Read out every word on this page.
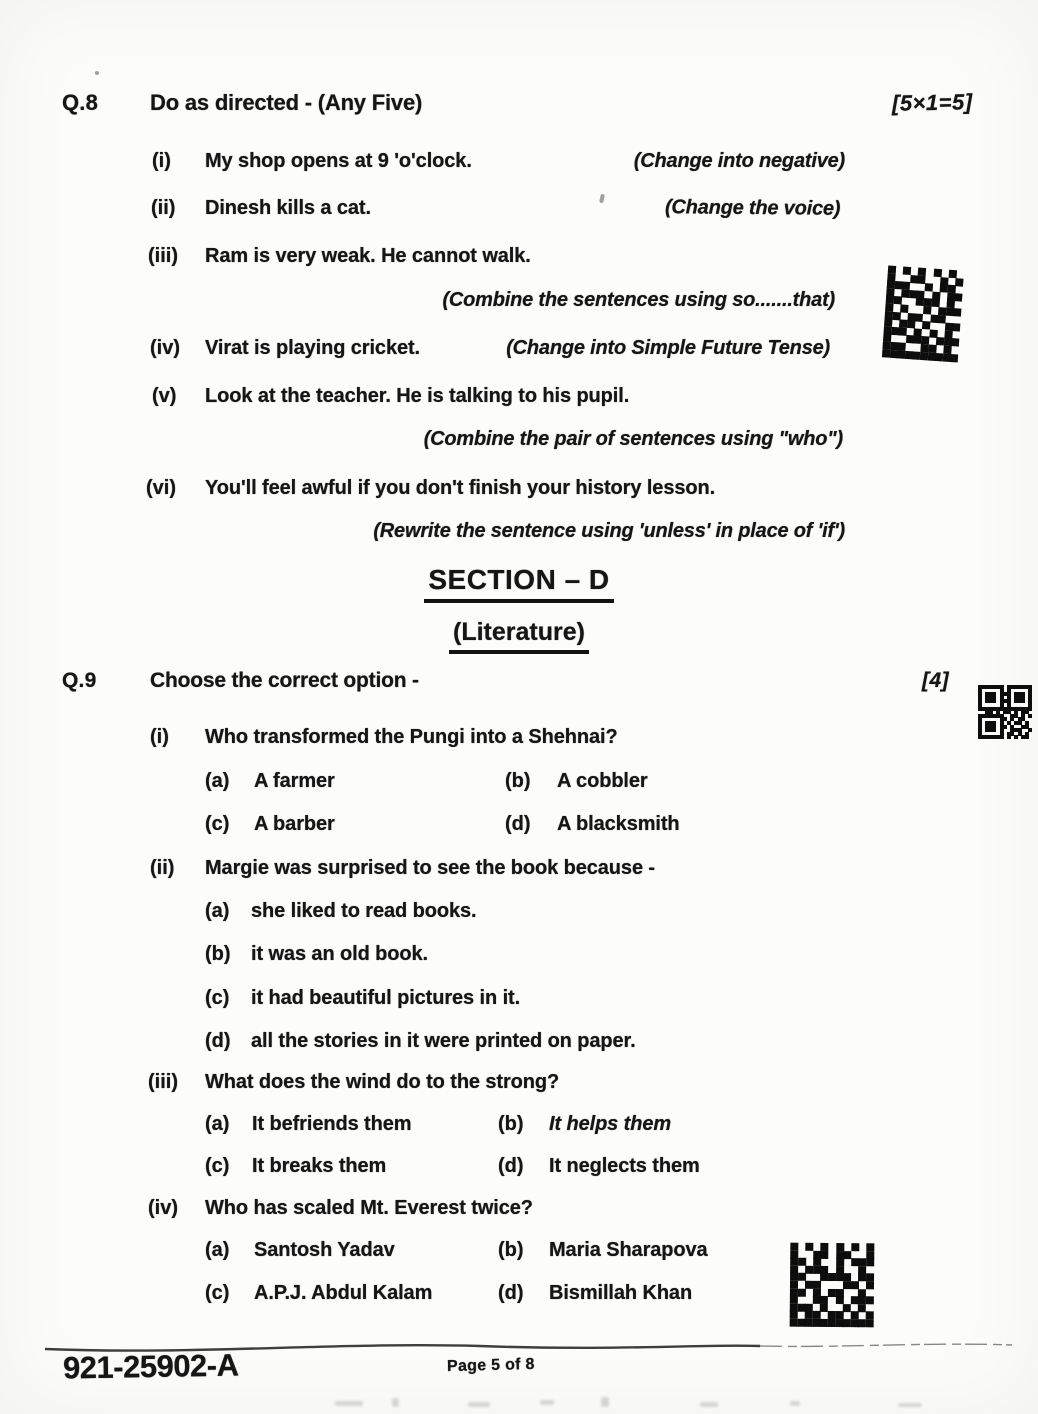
Q.8 Do as directed - (Any Five)	[5×1=5]
(i) My shop opens at 9 'o'clock.	(Change into negative)
(ii) Dinesh kills a cat.	(Change the voice)
(iii) Ram is very weak. He cannot walk.
(Combine the sentences using so.......that)
(iv) Virat is playing cricket.	(Change into Simple Future Tense)
(v) Look at the teacher. He is talking to his pupil.
(Combine the pair of sentences using "who")
(vi) You'll feel awful if you don't finish your history lesson.
(Rewrite the sentence using 'unless' in place of 'if')
SECTION – D
(Literature)
Q.9	Choose the correct option -	[4]
(i) Who transformed the Pungi into a Shehnai?
(a) A farmer	(b) A cobbler
(c) A barber	(d) A blacksmith
(ii) Margie was surprised to see the book because -
(a) she liked to read books.
(b) it was an old book.
(c) it had beautiful pictures in it.
(d) all the stories in it were printed on paper.
(iii) What does the wind do to the strong?
(a) It befriends them	(b) It helps them
(c) It breaks them	(d) It neglects them
(iv) Who has scaled Mt. Everest twice?
(a) Santosh Yadav	(b) Maria Sharapova
(c) A.P.J. Abdul Kalam	(d) Bismillah Khan
921-25902-A	Page 5 of 8
